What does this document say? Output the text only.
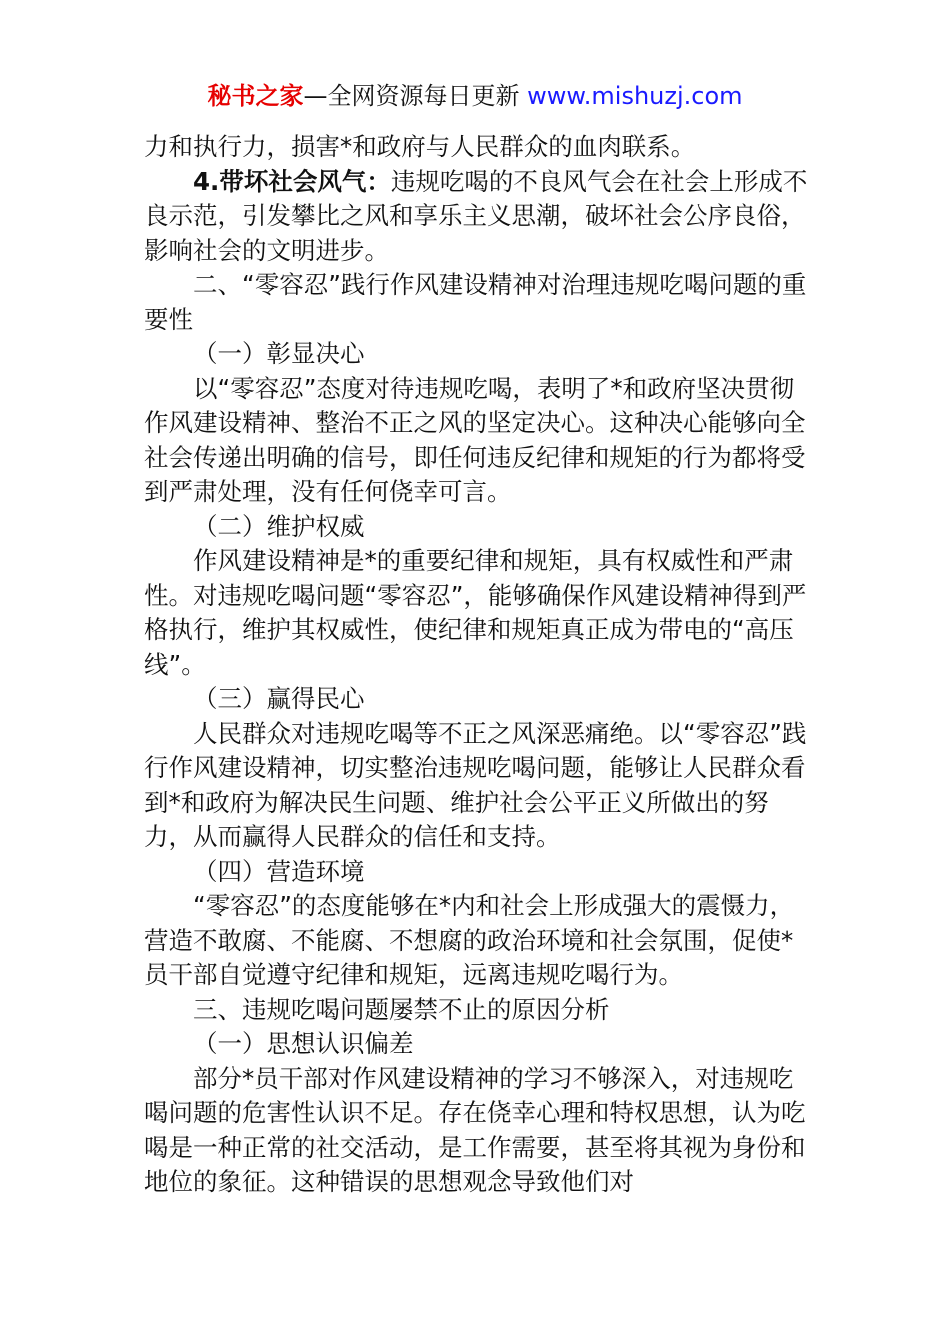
秘书之家—全网资源每日更新 www.mishuzj.com

力和执行力，损害*和政府与人民群众的血肉联系。

4.带坏社会风气：违规吃喝的不良风气会在社会上形成不良示范，引发攀比之风和享乐主义思潮，破坏社会公序良俗，影响社会的文明进步。

二、“零容忍”践行作风建设精神对治理违规吃喝问题的重要性

（一）彰显决心

以“零容忍”态度对待违规吃喝，表明了*和政府坚决贯彻作风建设精神、整治不正之风的坚定决心。这种决心能够向全社会传递出明确的信号，即任何违反纪律和规矩的行为都将受到严肃处理，没有任何侥幸可言。

（二）维护权威

作风建设精神是*的重要纪律和规矩，具有权威性和严肃性。对违规吃喝问题“零容忍”，能够确保作风建设精神得到严格执行，维护其权威性，使纪律和规矩真正成为带电的“高压线”。

（三）赢得民心

人民群众对违规吃喝等不正之风深恶痛绝。以“零容忍”践行作风建设精神，切实整治违规吃喝问题，能够让人民群众看到*和政府为解决民生问题、维护社会公平正义所做出的努力，从而赢得人民群众的信任和支持。

（四）营造环境

“零容忍”的态度能够在*内和社会上形成强大的震慑力，营造不敢腐、不能腐、不想腐的政治环境和社会氛围，促使*员干部自觉遵守纪律和规矩，远离违规吃喝行为。

三、违规吃喝问题屡禁不止的原因分析

（一）思想认识偏差

部分*员干部对作风建设精神的学习不够深入，对违规吃喝问题的危害性认识不足。存在侥幸心理和特权思想，认为吃喝是一种正常的社交活动，是工作需要，甚至将其视为身份和地位的象征。这种错误的思想观念导致他们对
